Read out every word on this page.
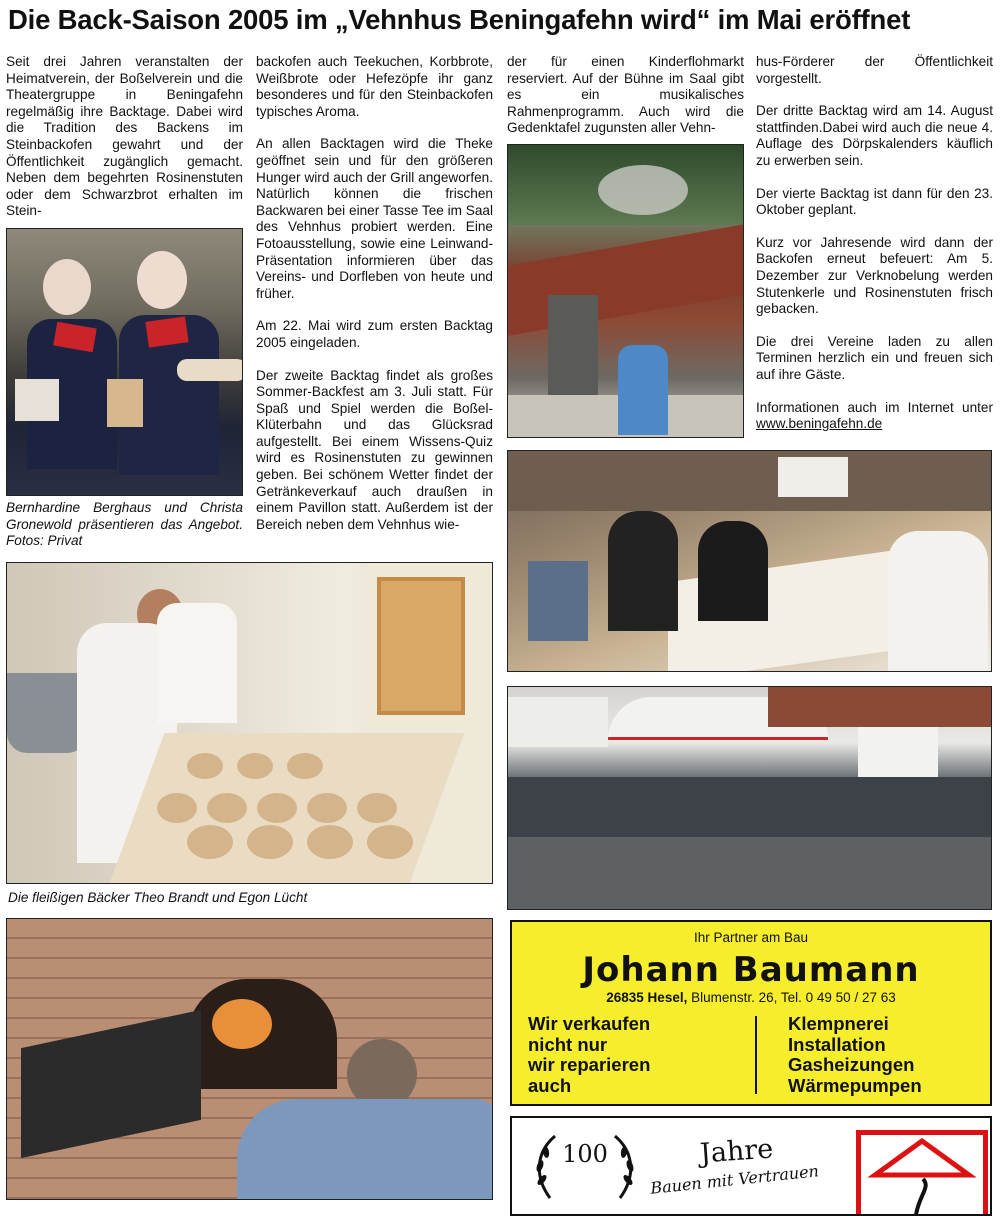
Die Back-Saison 2005 im „Vehnhus Beningafehn wird“ im Mai eröffnet

Seit drei Jahren veranstalten der Heimatverein, der Boßelverein und die Theatergruppe in Beningafehn regelmäßig ihre Backtage. Dabei wird die Tradition des Backens im Steinbackofen gewahrt und der Öffentlichkeit zugänglich gemacht. Neben dem begehrten Rosinenstuten oder dem Schwarzbrot erhalten im Stein-

Bernhardine Berghaus und Christa Gronewold präsentieren das Angebot. Fotos: Privat

backofen auch Teekuchen, Korbbrote, Weißbrote oder Hefezöpfe ihr ganz besonderes und für den Steinbackofen typisches Aroma.

An allen Backtagen wird die Theke geöffnet sein und für den größeren Hunger wird auch der Grill angeworfen. Natürlich können die frischen Backwaren bei einer Tasse Tee im Saal des Vehnhus probiert werden. Eine Fotoausstellung, sowie eine Leinwand-Präsentation informieren über das Vereins- und Dorfleben von heute und früher.

Am 22. Mai wird zum ersten Backtag 2005 eingeladen.

Der zweite Backtag findet als großes Sommer-Backfest am 3. Juli statt. Für Spaß und Spiel werden die Boßel-Klüterbahn und das Glücksrad aufgestellt. Bei einem Wissens-Quiz wird es Rosinenstuten zu gewinnen geben. Bei schönem Wetter findet der Getränkeverkauf auch draußen in einem Pavillon statt. Außerdem ist der Bereich neben dem Vehnhus wie-

der für einen Kinderflohmarkt reserviert. Auf der Bühne im Saal gibt es ein musikalisches Rahmenprogramm. Auch wird die Gedenktafel zugunsten aller Vehn-

hus-Förderer der Öffentlichkeit vorgestellt.

Der dritte Backtag wird am 14. August stattfinden.Dabei wird auch die neue 4. Auflage des Dörpskalenders käuflich zu erwerben sein.

Der vierte Backtag ist dann für den 23. Oktober geplant.

Kurz vor Jahresende wird dann der Backofen erneut befeuert: Am 5. Dezember zur Verknobelung werden Stutenkerle und Rosinenstuten frisch gebacken.

Die drei Vereine laden zu allen Terminen herzlich ein und freuen sich auf ihre Gäste.

Informationen auch im Internet unter www.beningafehn.de

Die fleißigen Bäcker Theo Brandt und Egon Lücht
Ihr Partner am Bau
Johann Baumann
26835 Hesel, Blumenstr. 26, Tel. 0 49 50 / 27 63
Wir verkaufen
nicht nur
wir reparieren
auch
Klempnerei
Installation
Gasheizungen
Wärmepumpen
100	Jahre
Bauen mit Vertrauen
